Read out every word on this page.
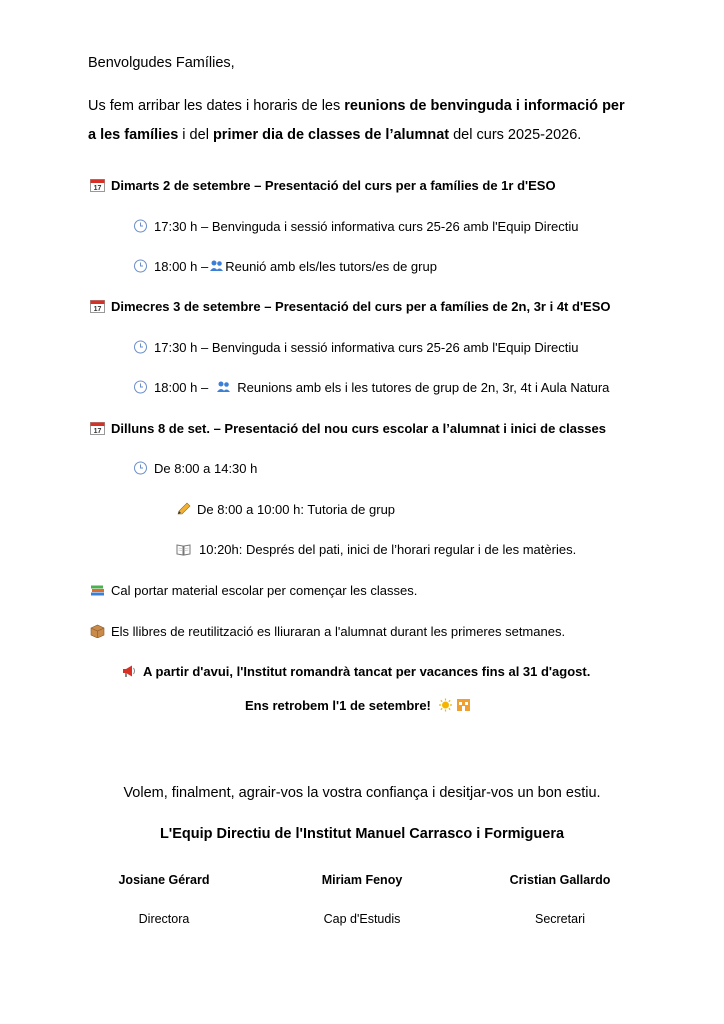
Benvolgudes Famílies,
Us fem arribar les dates i horaris de les reunions de benvinguda i informació per
a les famílies i del primer dia de classes de l’alumnat del curs 2025-2026.
17 Dimarts 2 de setembre – Presentació del curs per a famílies de 1r d'ESO
17:30 h – Benvinguda i sessió informativa curs 25-26 amb l'Equip Directiu
18:00 h – Reunió amb els/les tutors/es de grup
17 Dimecres 3 de setembre – Presentació del curs per a famílies de 2n, 3r i 4t d'ESO
17:30 h – Benvinguda i sessió informativa curs 25-26 amb l'Equip Directiu
18:00 h – Reunions amb els i les tutores de grup de 2n, 3r, 4t i Aula Natura
17 Dilluns 8 de set. – Presentació del nou curs escolar a l’alumnat i inici de classes
De 8:00 a 14:30 h
De 8:00 a 10:00 h: Tutoria de grup
10:20h: Després del pati, inici de l’horari regular i de les matèries.
Cal portar material escolar per començar les classes.
Els llibres de reutilització es lliuraran a l'alumnat durant les primeres setmanes.
A partir d'avui, l'Institut romandrà tancat per vacances fins al 31 d'agost.
Ens retrobem l'1 de setembre!
Volem, finalment, agrair-vos la vostra confiança i desitjar-vos un bon estiu.
L'Equip Directiu de l'Institut Manuel Carrasco i Formiguera
Josiane Gérard
Directora
Miriam Fenoy
Cap d'Estudis
Cristian Gallardo
Secretari
